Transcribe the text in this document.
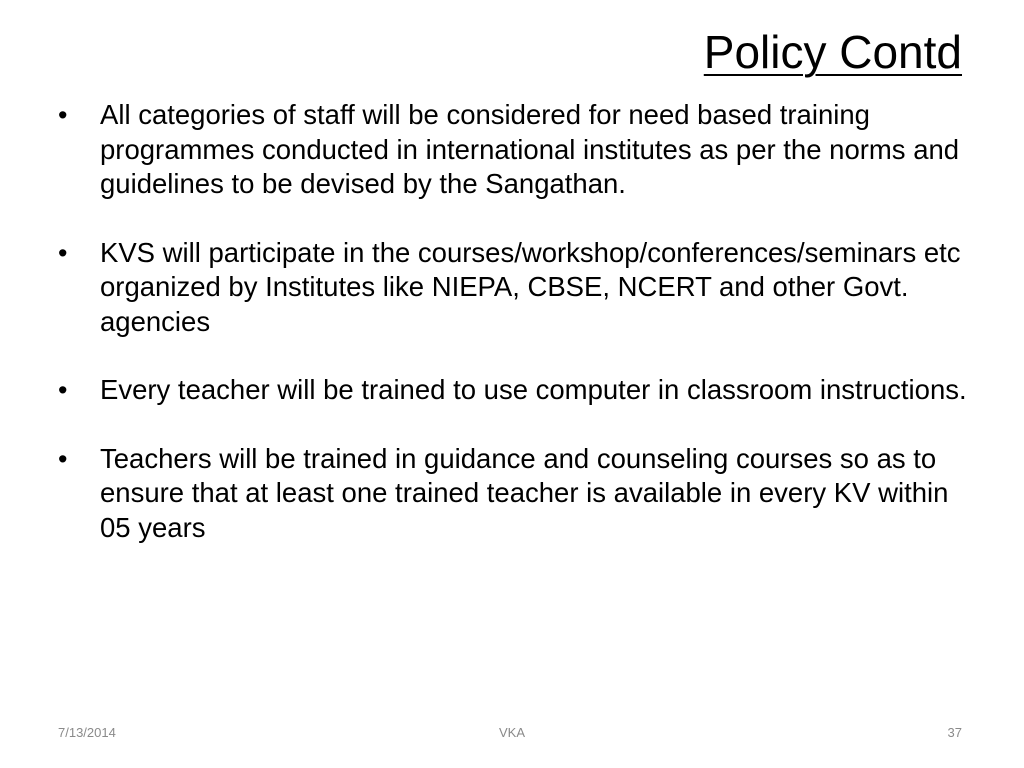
Policy Contd
•	All categories of staff will be considered for need based training programmes conducted in international institutes as per the norms and guidelines to be devised by the Sangathan.
•	KVS will participate in the courses/workshop/conferences/seminars etc organized by Institutes like NIEPA, CBSE, NCERT and other Govt. agencies
•	Every teacher will be trained to use computer in classroom instructions.
•	Teachers will be trained in guidance and counseling courses so as to ensure that at least one trained teacher is available in every KV within 05 years
7/13/2014	VKA	37
